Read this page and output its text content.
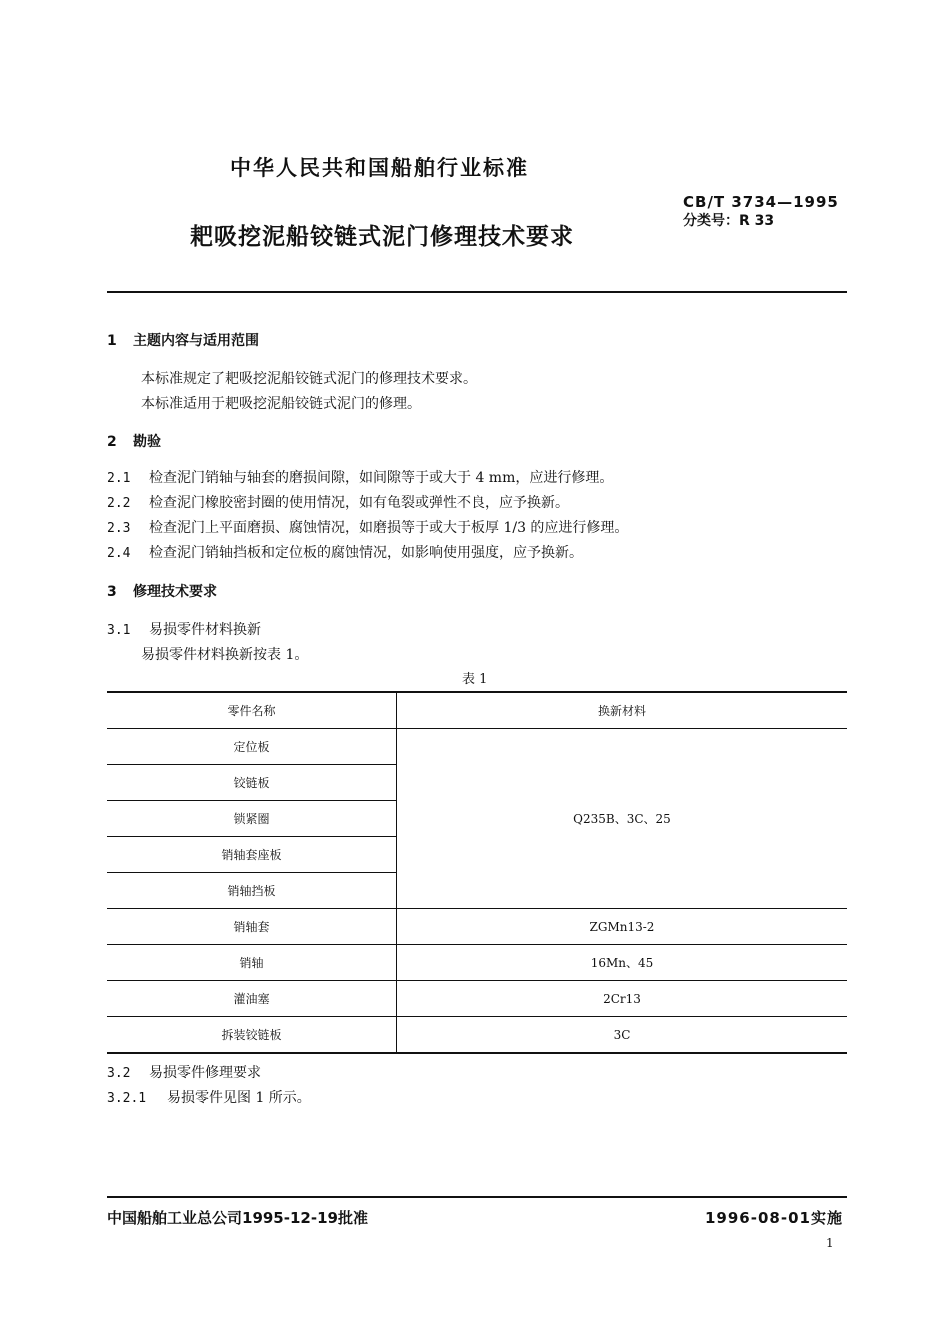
中华人民共和国船舶行业标准
CB/T 3734—1995
分类号：R 33
耙吸挖泥船铰链式泥门修理技术要求
1 主题内容与适用范围
本标准规定了耙吸挖泥船铰链式泥门的修理技术要求。
本标准适用于耙吸挖泥船铰链式泥门的修理。
2 勘验
2.1 检查泥门销轴与轴套的磨损间隙，如间隙等于或大于 4 mm，应进行修理。
2.2 检查泥门橡胶密封圈的使用情况，如有龟裂或弹性不良，应予换新。
2.3 检查泥门上平面磨损、腐蚀情况，如磨损等于或大于板厚 1/3 的应进行修理。
2.4 检查泥门销轴挡板和定位板的腐蚀情况，如影响使用强度，应予换新。
3 修理技术要求
3.1 易损零件材料换新
易损零件材料换新按表 1。
表 1
零件名称	换新材料
定位板	Q235B、3C、25
铰链板	
锁紧圈	
销轴套座板	
销轴挡板	
销轴套	ZGMn13-2
销轴	16Mn、45
灌油塞	2Cr13
拆装铰链板	3C
3.2 易损零件修理要求
3.2.1 易损零件见图 1 所示。
中国船舶工业总公司1995-12-19批准	1996-08-01实施
1
